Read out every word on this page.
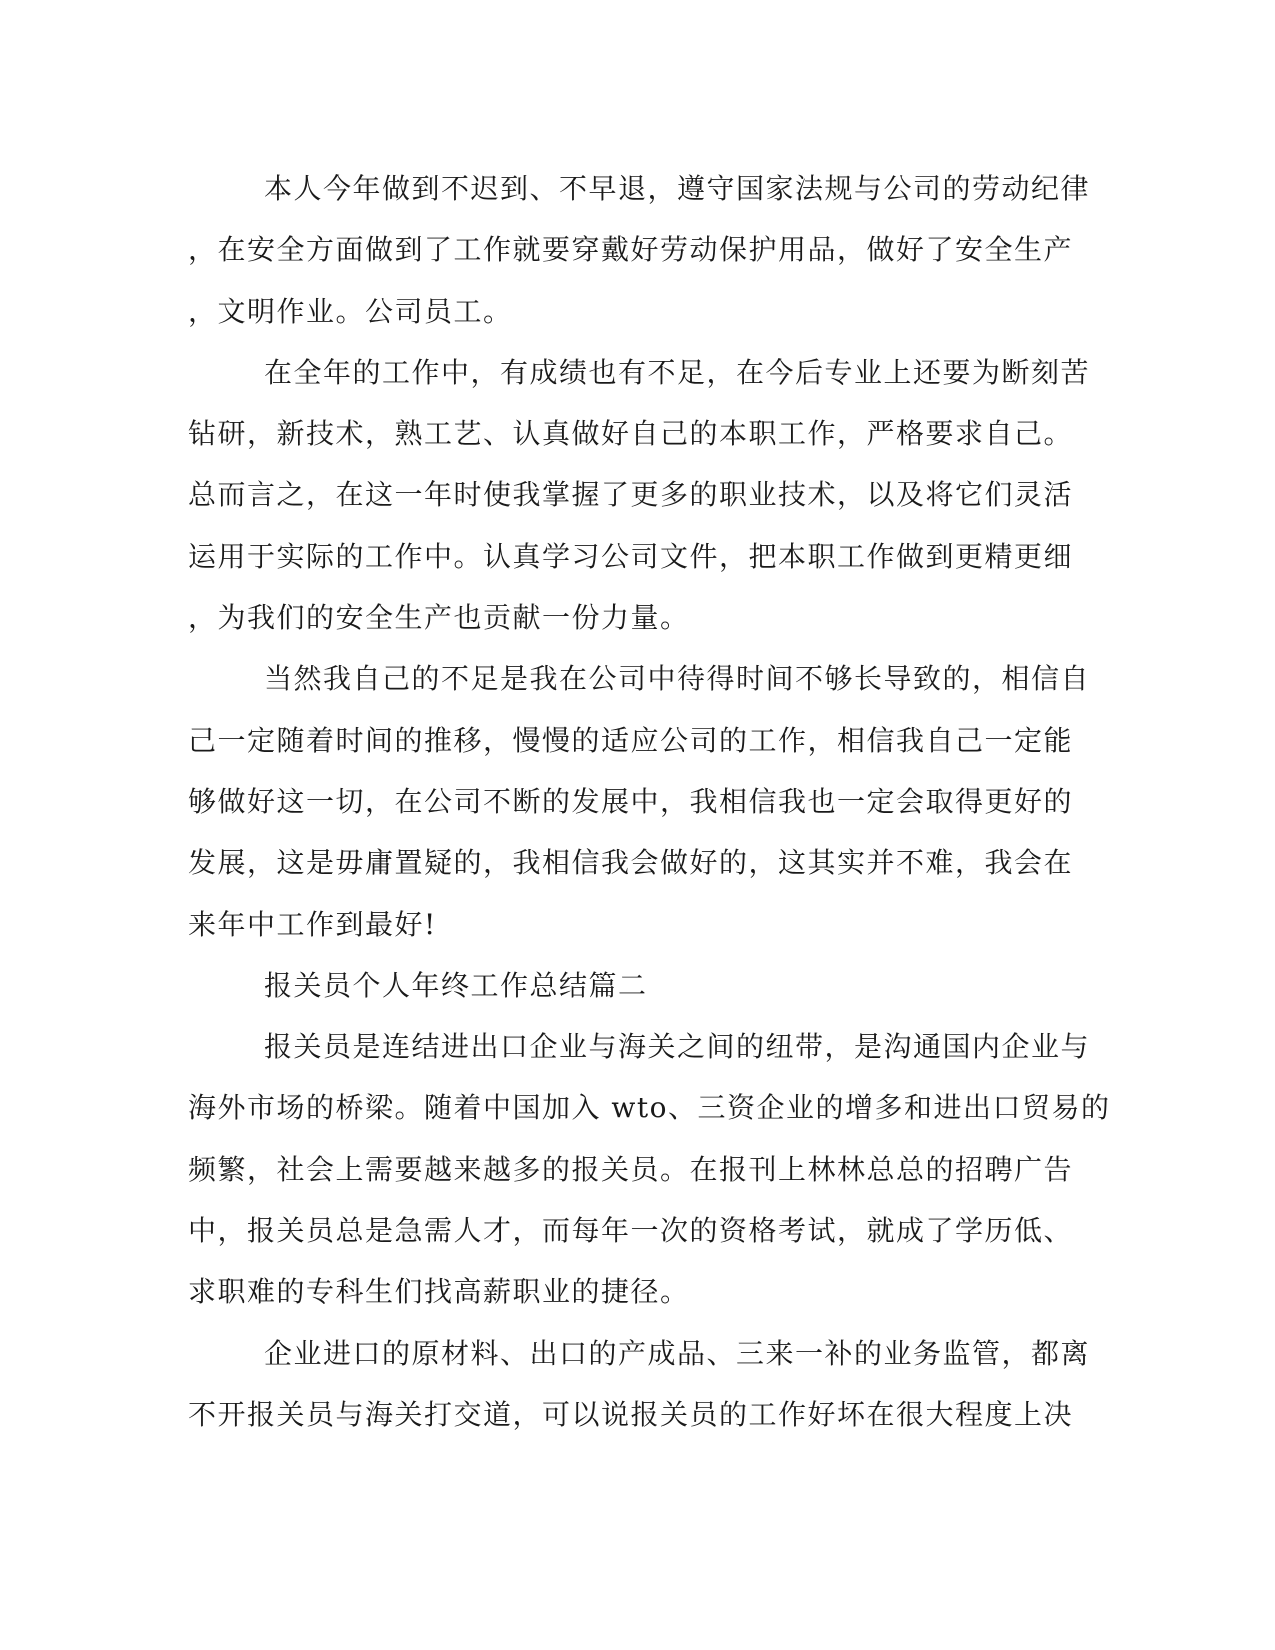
本人今年做到不迟到、不早退，遵守国家法规与公司的劳动纪律
，在安全方面做到了工作就要穿戴好劳动保护用品，做好了安全生产
，文明作业。公司员工。
在全年的工作中，有成绩也有不足，在今后专业上还要为断刻苦
钻研，新技术，熟工艺、认真做好自己的本职工作，严格要求自己。
总而言之，在这一年时使我掌握了更多的职业技术，以及将它们灵活
运用于实际的工作中。认真学习公司文件，把本职工作做到更精更细
，为我们的安全生产也贡献一份力量。
当然我自己的不足是我在公司中待得时间不够长导致的，相信自
己一定随着时间的推移，慢慢的适应公司的工作，相信我自己一定能
够做好这一切，在公司不断的发展中，我相信我也一定会取得更好的
发展，这是毋庸置疑的，我相信我会做好的，这其实并不难，我会在
来年中工作到最好!
报关员个人年终工作总结篇二
报关员是连结进出口企业与海关之间的纽带，是沟通国内企业与
海外市场的桥梁。随着中国加入 wto、三资企业的增多和进出口贸易的
频繁，社会上需要越来越多的报关员。在报刊上林林总总的招聘广告
中，报关员总是急需人才，而每年一次的资格考试，就成了学历低、
求职难的专科生们找高薪职业的捷径。
企业进口的原材料、出口的产成品、三来一补的业务监管，都离
不开报关员与海关打交道，可以说报关员的工作好坏在很大程度上决
